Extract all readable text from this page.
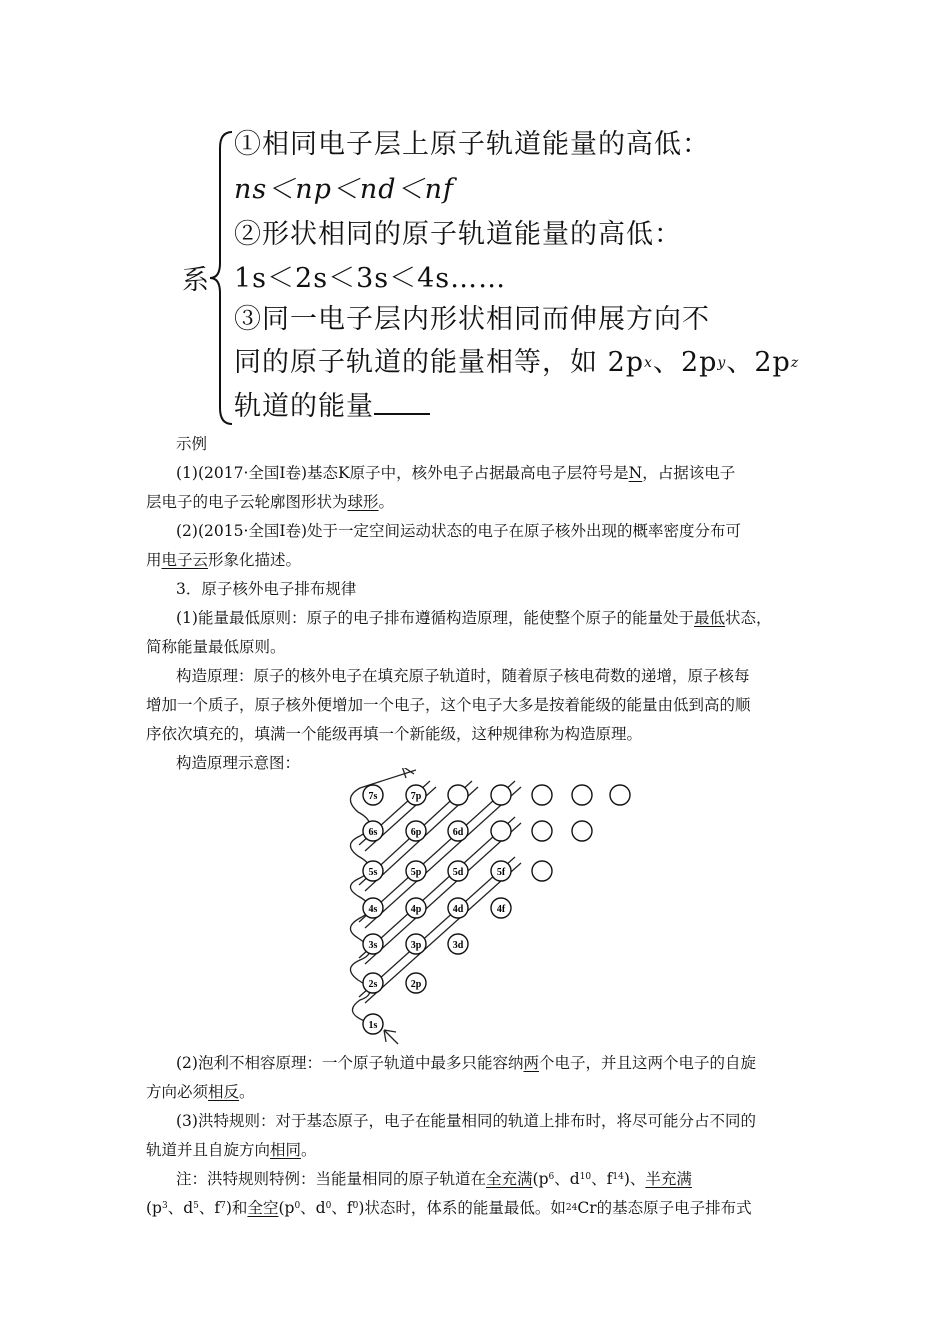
系
①相同电子层上原子轨道能量的高低：
ns＜np＜nd＜nf
②形状相同的原子轨道能量的高低：
1s＜2s＜3s＜4s……
③同一电子层内形状相同而伸展方向不
同的原子轨道的能量相等，如 2px、2py、2pz
轨道的能量
示例
(1)(2017·全国Ⅰ卷)基态K原子中，核外电子占据最高电子层符号是N，占据该电子
层电子的电子云轮廓图形状为球形。
(2)(2015·全国Ⅰ卷)处于一定空间运动状态的电子在原子核外出现的概率密度分布可
用电子云形象化描述。
3．原子核外电子排布规律
(1)能量最低原则：原子的电子排布遵循构造原理，能使整个原子的能量处于最低状态，
简称能量最低原则。
构造原理：原子的核外电子在填充原子轨道时，随着原子核电荷数的递增，原子核每
增加一个质子，原子核外便增加一个电子，这个电子大多是按着能级的能量由低到高的顺
序依次填充的，填满一个能级再填一个新能级，这种规律称为构造原理。
构造原理示意图：
7s	7p
6s	6p	6d
5s	5p	5d	5f
4s	4p	4d	4f
3s	3p	3d
2s	2p
1s
(2)泡利不相容原理：一个原子轨道中最多只能容纳两个电子，并且这两个电子的自旋
方向必须相反。
(3)洪特规则：对于基态原子，电子在能量相同的轨道上排布时，将尽可能分占不同的
轨道并且自旋方向相同。
注：洪特规则特例：当能量相同的原子轨道在全充满($p^6$、$d^{10}$、$f^{14}$)、半充满
($p^3$、$d^5$、$f^7$)和全空($p^0$、$d^0$、$f^0$)状态时，体系的能量最低。如24Cr的基态原子电子排布式
